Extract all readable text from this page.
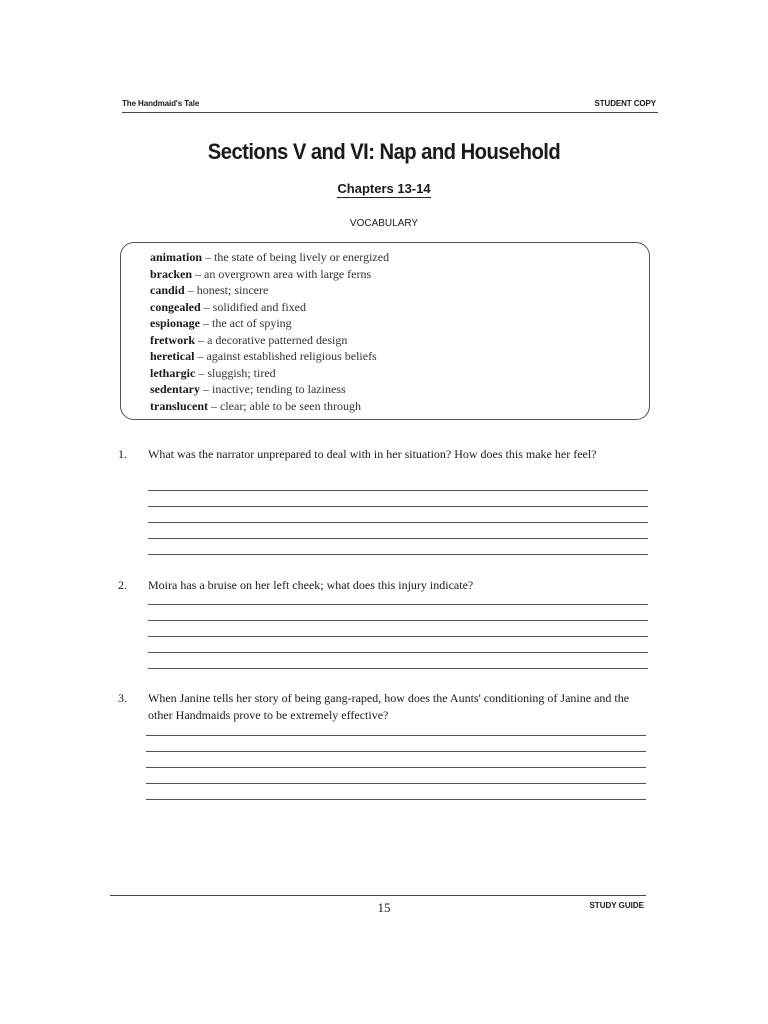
The Handmaid's Tale	STUDENT COPY
Sections V and VI: Nap and Household
Chapters 13-14
VOCABULARY
animation – the state of being lively or energized
bracken – an overgrown area with large ferns
candid – honest; sincere
congealed – solidified and fixed
espionage – the act of spying
fretwork – a decorative patterned design
heretical – against established religious beliefs
lethargic – sluggish; tired
sedentary – inactive; tending to laziness
translucent – clear; able to be seen through
1. What was the narrator unprepared to deal with in her situation? How does this make her feel?
2. Moira has a bruise on her left cheek; what does this injury indicate?
3. When Janine tells her story of being gang-raped, how does the Aunts' conditioning of Janine and the other Handmaids prove to be extremely effective?
15	STUDY GUIDE
